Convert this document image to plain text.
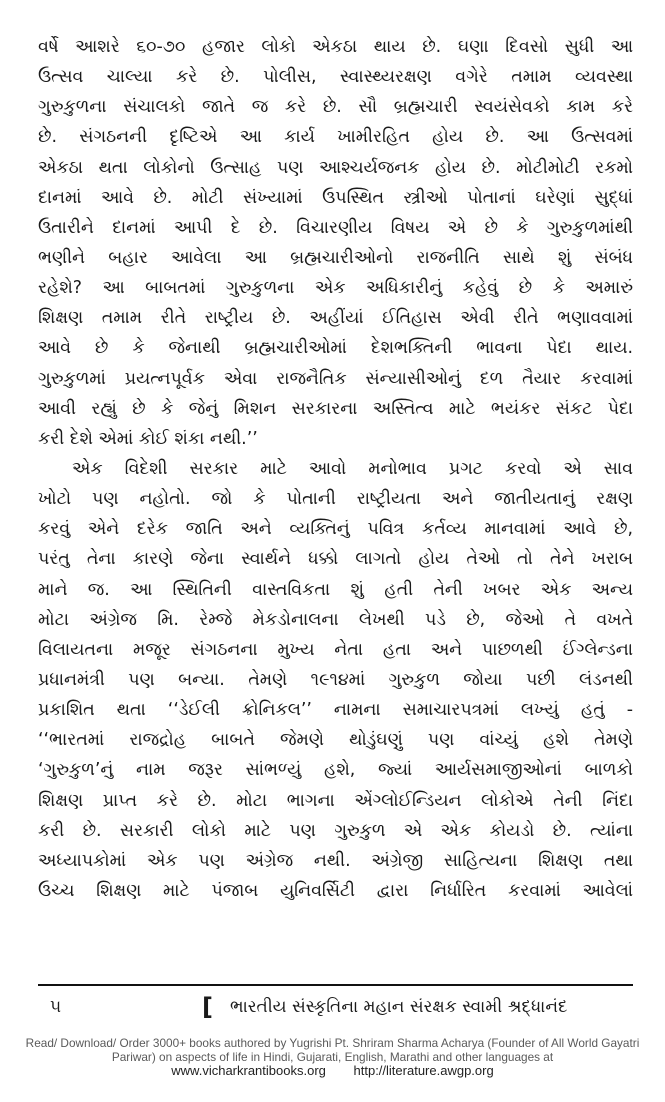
વર્ષે આશરે ૬૦-૭૦ હજાર લોકો એકઠા થાય છે. ઘણા દિવસો સુધી આ
ઉત્સવ ચાલ્યા કરે છે. પોલીસ, સ્વાસ્થ્યરક્ષણ વગેરે તમામ વ્યવસ્થા
ગુરુકુળના સંચાલકો જાતે જ કરે છે. સૌ બ્રહ્મચારી સ્વયંસેવકો કામ કરે
છે. સંગઠનની દૃષ્ટિએ આ કાર્ય ખામીરહિત હોય છે. આ ઉત્સવમાં
એકઠા થતા લોકોનો ઉત્સાહ પણ આશ્ચર્યજનક હોય છે. મોટીમોટી રકમો
દાનમાં આવે છે. મોટી સંખ્યામાં ઉપસ્થિત સ્ત્રીઓ પોતાનાં ઘરેણાં સુદ્ધાં
ઉતારીને દાનમાં આપી દે છે. વિચારણીય વિષય એ છે કે ગુરુકુળમાંથી
ભણીને બહાર આવેલા આ બ્રહ્મચારીઓનો રાજનીતિ સાથે શું સંબંધ
રહેશે? આ બાબતમાં ગુરુકુળના એક અધિકારીનું કહેવું છે કે અમારું
શિક્ષણ તમામ રીતે રાષ્ટ્રીય છે. અહીંયાં ઈતિહાસ એવી રીતે ભણાવવામાં
આવે છે કે જેનાથી બ્રહ્મચારીઓમાં દેશભક્તિની ભાવના પેદા થાય.
ગુરુકુળમાં પ્રયત્નપૂર્વક એવા રાજનૈતિક સંન્યાસીઓનું દળ તૈયાર કરવામાં
આવી રહ્યું છે કે જેનું મિશન સરકારના અસ્તિત્વ માટે ભયંકર સંકટ પેદા
કરી દેશે એમાં કોઈ શંકા નથી.’’
એક વિદેશી સરકાર માટે આવો મનોભાવ પ્રગટ કરવો એ સાવ
ખોટો પણ નહોતો. જો કે પોતાની રાષ્ટ્રીયતા અને જાતીયતાનું રક્ષણ
કરવું એને દરેક જાતિ અને વ્યક્તિનું પવિત્ર કર્તવ્ય માનવામાં આવે છે,
પરંતુ તેના કારણે જેના સ્વાર્થને ધક્કો લાગતો હોય તેઓ તો તેને ખરાબ
માને જ. આ સ્થિતિની વાસ્તવિકતા શું હતી તેની ખબર એક અન્ય
મોટા અંગ્રેજ મિ. રેમ્જે મેકડોનાલના લેખથી પડે છે, જેઓ તે વખતે
વિલાયતના મજૂર સંગઠનના મુખ્ય નેતા હતા અને પાછળથી ઈંગ્લેન્ડના
પ્રધાનમંત્રી પણ બન્યા. તેમણે ૧૯૧૪માં ગુરુકુળ જોયા પછી લંડનથી
પ્રકાશિત થતા ‘‘ડેઈલી ક્રોનિકલ’’ નામના સમાચારપત્રમાં લખ્યું હતું -
‘‘ભારતમાં રાજદ્રોહ બાબતે જેમણે થોડુંઘણું પણ વાંચ્યું હશે તેમણે
‘ગુરુકુળ’નું નામ જરૂર સાંભળ્યું હશે, જ્યાં આર્યસમાજીઓનાં બાળકો
શિક્ષણ પ્રાપ્ત કરે છે. મોટા ભાગના એંગ્લોઈન્ડિયન લોકોએ તેની નિંદા
કરી છે. સરકારી લોકો માટે પણ ગુરુકુળ એ એક કોયડો છે. ત્યાંના
અધ્યાપકોમાં એક પણ અંગ્રેજ નથી. અંગ્રેજી સાહિત્યના શિક્ષણ તથા
ઉચ્ચ શિક્ષણ માટે પંજાબ યુનિવર્સિટી દ્વારા નિર્ધારિત કરવામાં આવેલાં
૫	[ ભારતીય સંસ્કૃતિના મહાન સંરક્ષક સ્વામી શ્રદ્ધાનંદ
Read/ Download/ Order 3000+ books authored by Yugrishi Pt. Shriram Sharma Acharya (Founder of All World Gayatri Pariwar) on aspects of life in Hindi, Gujarati, English, Marathi and other languages at
www.vicharkrantibooks.org http://literature.awgp.org
